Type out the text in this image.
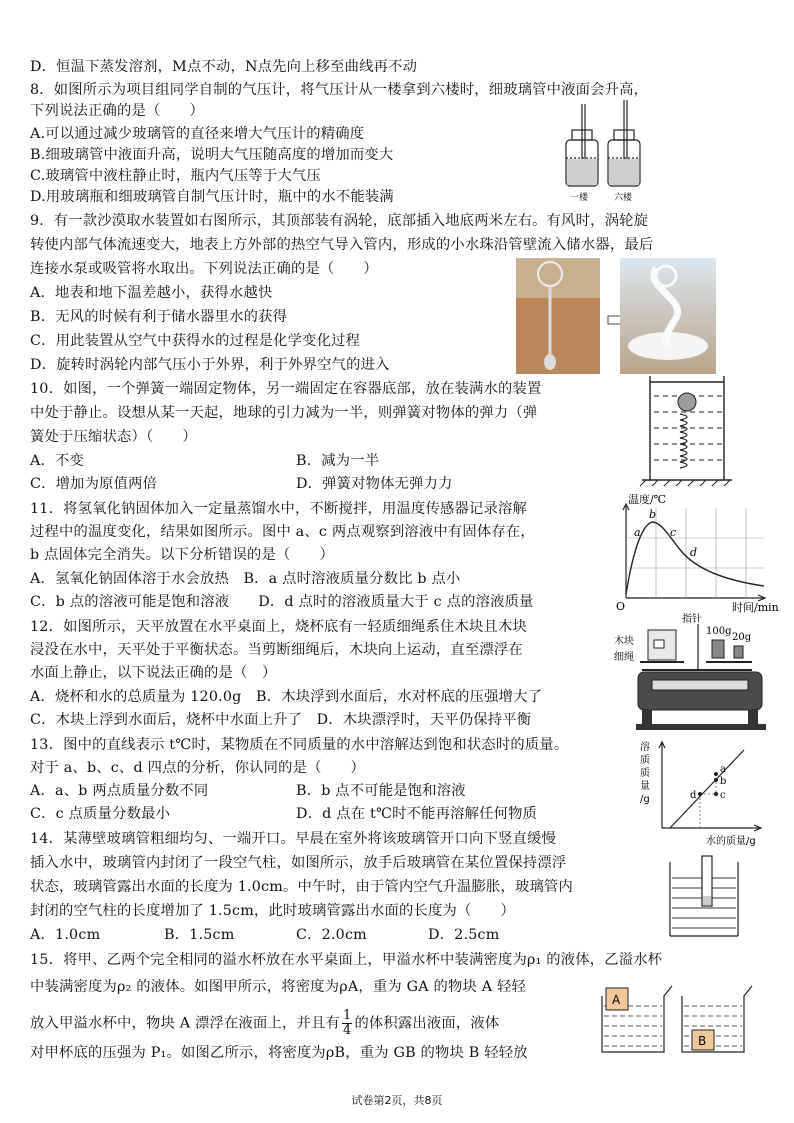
D．恒温下蒸发溶剂，M点不动，N点先向上移至曲线再不动
8．如图所示为项目组同学自制的气压计，将气压计从一楼拿到六楼时，细玻璃管中液面会升高，
下列说法正确的是（　　）
A.可以通过减少玻璃管的直径来增大气压计的精确度
B.细玻璃管中液面升高，说明大气压随高度的增加而变大
C.玻璃管中液柱静止时，瓶内气压等于大气压
D.用玻璃瓶和细玻璃管自制气压计时，瓶中的水不能装满
9．有一款沙漠取水装置如右图所示，其顶部装有涡轮，底部插入地底两米左右。有风时，涡轮旋
转使内部气体流速变大，地表上方外部的热空气导入管内，形成的小水珠沿管壁流入储水器，最后
连接水泵或吸管将水取出。下列说法正确的是（　　）
A．地表和地下温差越小，获得水越快
B．无风的时候有利于储水器里水的获得
C．用此装置从空气中获得水的过程是化学变化过程
D．旋转时涡轮内部气压小于外界，利于外界空气的进入
10．如图，一个弹簧一端固定物体，另一端固定在容器底部，放在装满水的装置
中处于静止。设想从某一天起，地球的引力减为一半，则弹簧对物体的弹力（弹
簧处于压缩状态）（　　）
A．不变	B．减为一半
C．增加为原值两倍	D．弹簧对物体无弹力力
11．将氢氧化钠固体加入一定量蒸馏水中，不断搅拌，用温度传感器记录溶解
过程中的温度变化，结果如图所示。图中 a、c 两点观察到溶液中有固体存在，
b 点固体完全消失。以下分析错误的是（　　）
A．氢氧化钠固体溶于水会放热　B．a 点时溶液质量分数比 b 点小
C．b 点的溶液可能是饱和溶液　　D．d 点时的溶液质量大于 c 点的溶液质量
12．如图所示，天平放置在水平桌面上，烧杯底有一轻质细绳系住木块且木块
浸没在水中，天平处于平衡状态。当剪断细绳后，木块向上运动，直至漂浮在
水面上静止，以下说法正确的是（　）
A．烧杯和水的总质量为 120.0g　B．木块浮到水面后，水对杯底的压强增大了
C．木块上浮到水面后，烧杯中水面上升了　D．木块漂浮时，天平仍保持平衡
13．图中的直线表示 t℃时，某物质在不同质量的水中溶解达到饱和状态时的质量。
对于 a、b、c、d 四点的分析，你认同的是（　　）
A．a、b 两点质量分数不同	B．b 点不可能是饱和溶液
C．c 点质量分数最小	D．d 点在 t℃时不能再溶解任何物质
14．某薄壁玻璃管粗细均匀、一端开口。早晨在室外将该玻璃管开口向下竖直缓慢
插入水中，玻璃管内封闭了一段空气柱，如图所示，放手后玻璃管在某位置保持漂浮
状态，玻璃管露出水面的长度为 1.0cm。中午时，由于管内空气升温膨胀，玻璃管内
封闭的空气柱的长度增加了 1.5cm，此时玻璃管露出水面的长度为（　　）
A．1.0cm	B．1.5cm	C．2.0cm	D．2.5cm
15．将甲、乙两个完全相同的溢水杯放在水平桌面上，甲溢水杯中装满密度为ρ₁ 的液体，乙溢水杯
中装满密度为ρ₂ 的液体。如图甲所示，将密度为ρA，重为 GA 的物块 A 轻轻
放入甲溢水杯中，物块 A 漂浮在液面上，并且有 $\frac{1}{4}$ 的体积露出液面，液体
对甲杯底的压强为 P₁。如图乙所示，将密度为ρB，重为 GB 的物块 B 轻轻放
一楼	六楼
温度/℃
时间/min
O
a
b
c
d
指针
木块
细绳
100g
20g
溶质质量/g
a
b
c
d
水的质量/g
A
B
试卷第2页，共8页
